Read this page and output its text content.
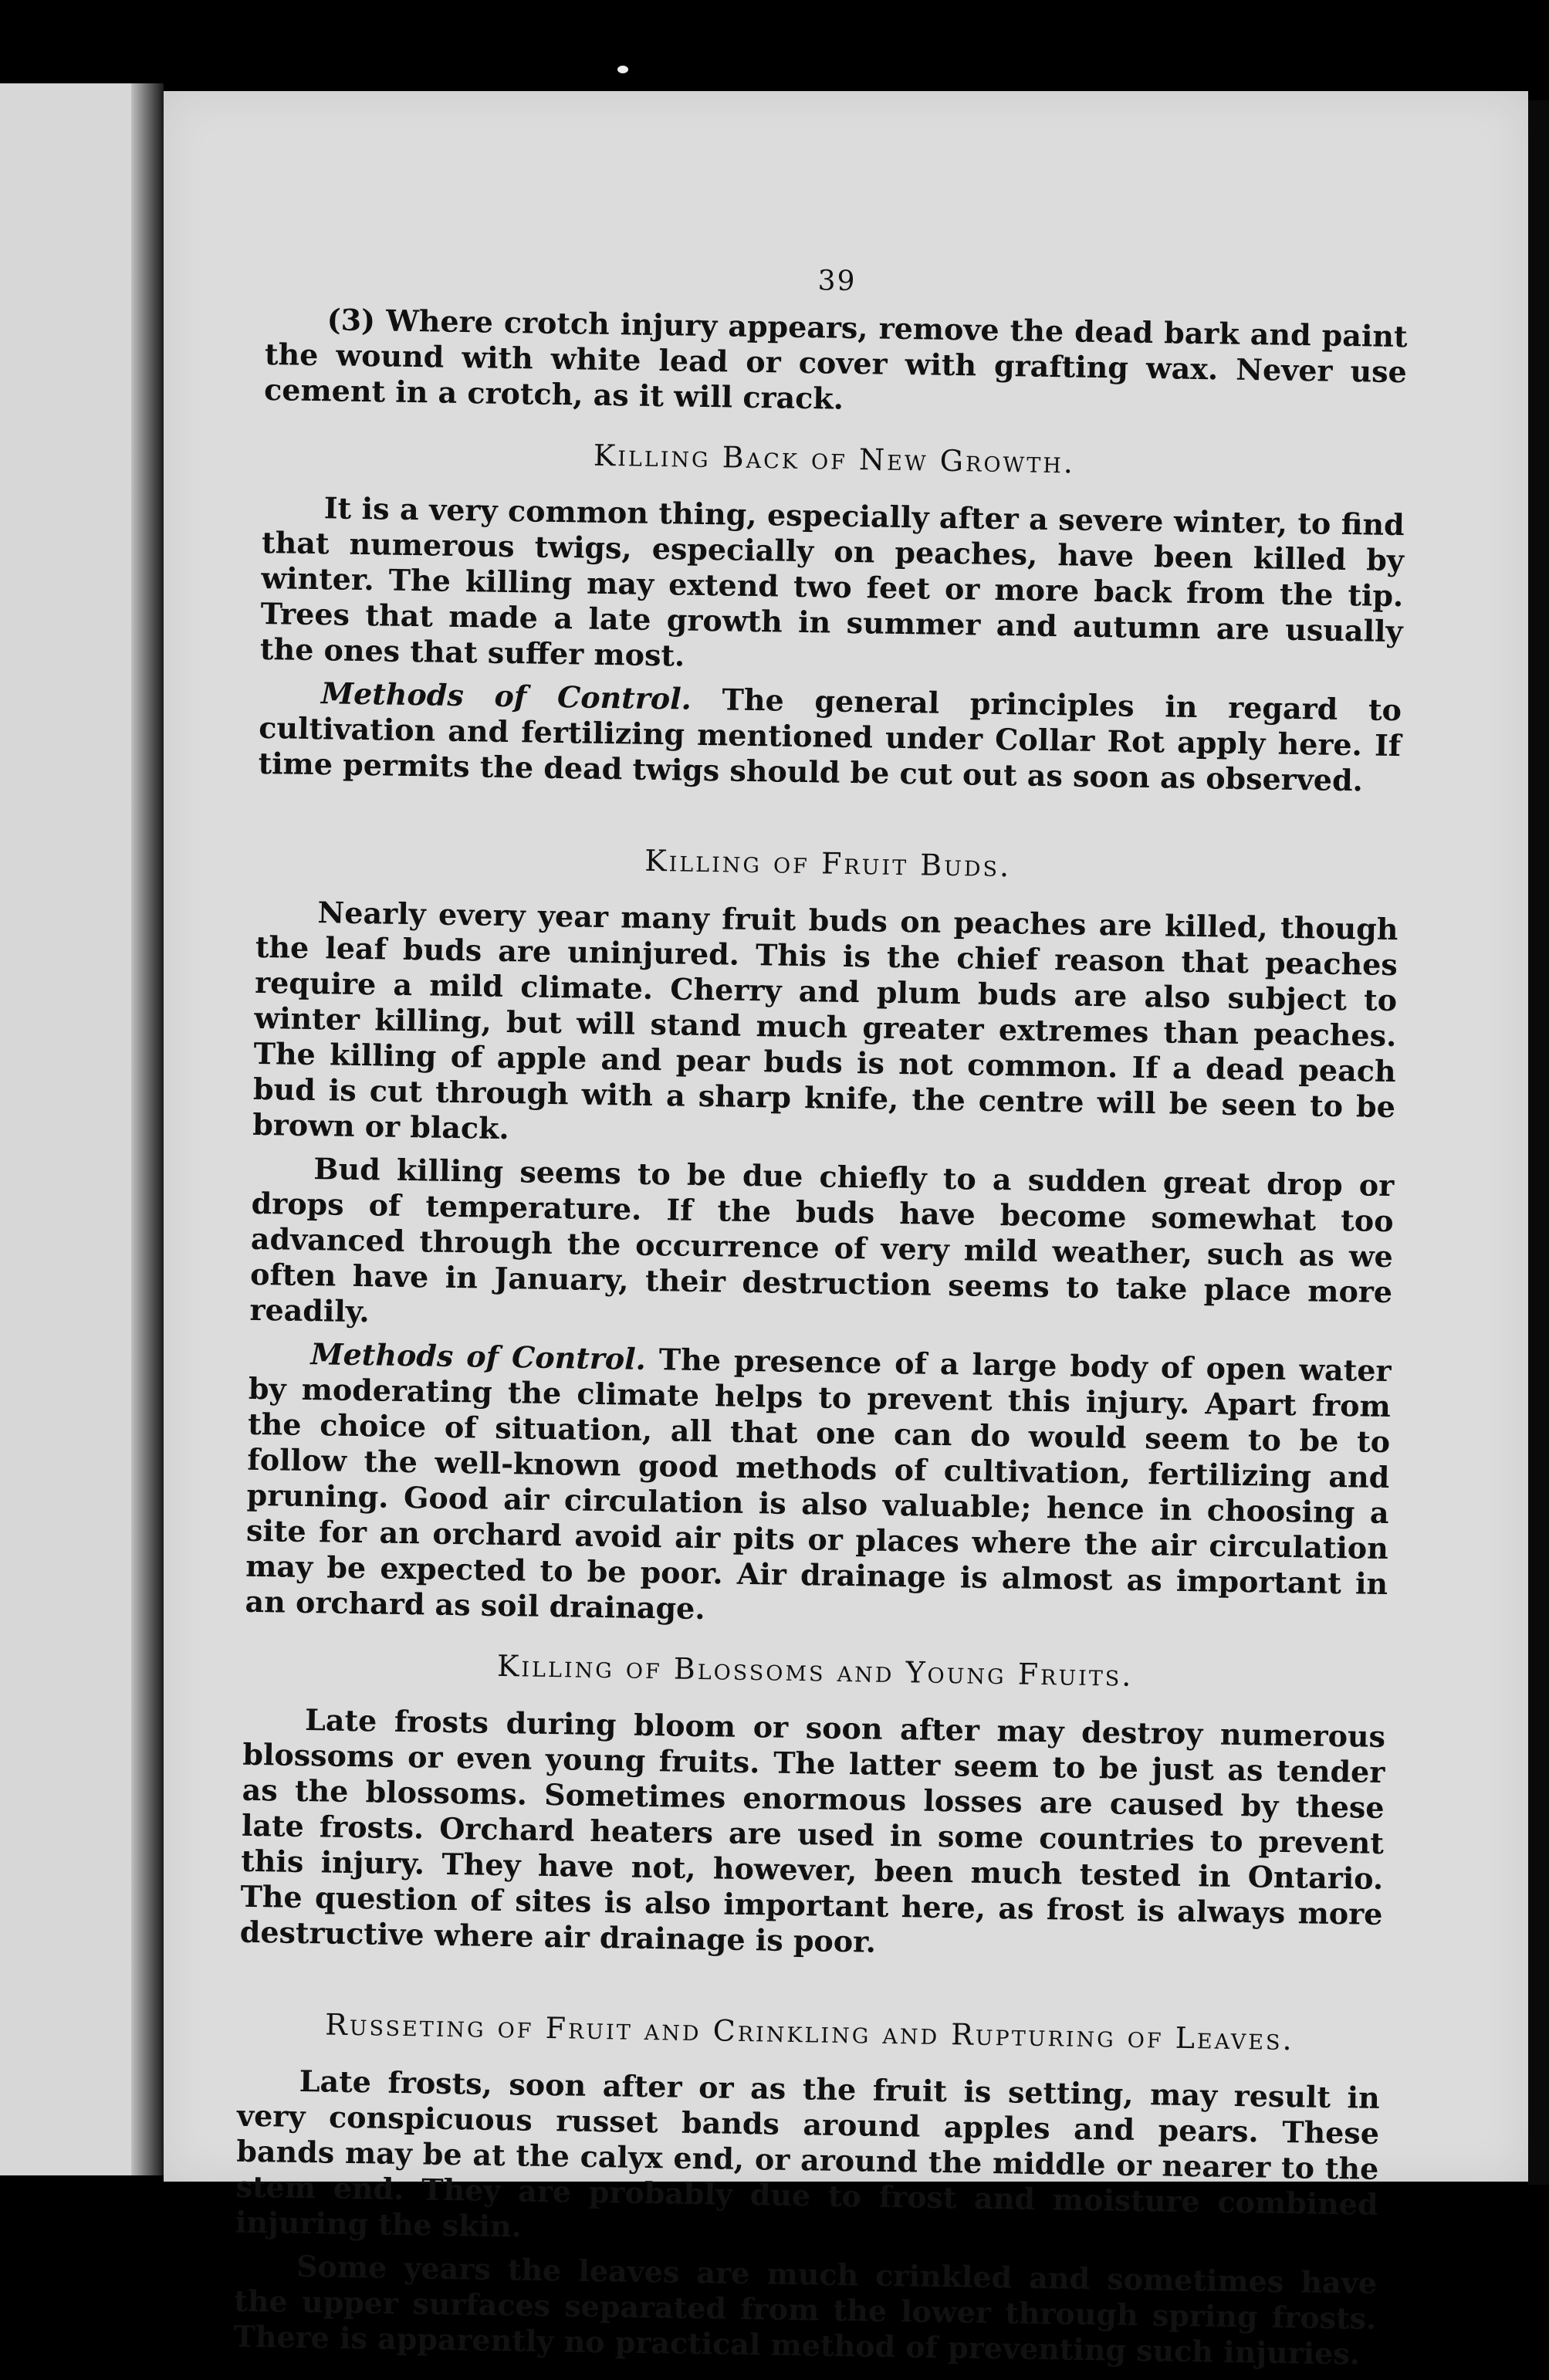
39

(3) Where crotch injury appears, remove the dead bark and paint the wound with white lead or cover with grafting wax. Never use cement in a crotch, as it will crack.

Killing Back of New Growth.

It is a very common thing, especially after a severe winter, to find that numerous twigs, especially on peaches, have been killed by winter. The killing may extend two feet or more back from the tip. Trees that made a late growth in summer and autumn are usually the ones that suffer most.

Methods of Control. The general principles in regard to cultivation and fertilizing mentioned under Collar Rot apply here. If time permits the dead twigs should be cut out as soon as observed.

Killing of Fruit Buds.

Nearly every year many fruit buds on peaches are killed, though the leaf buds are uninjured. This is the chief reason that peaches require a mild climate. Cherry and plum buds are also subject to winter killing, but will stand much greater extremes than peaches. The killing of apple and pear buds is not common. If a dead peach bud is cut through with a sharp knife, the centre will be seen to be brown or black.

Bud killing seems to be due chiefly to a sudden great drop or drops of temperature. If the buds have become somewhat too advanced through the occurrence of very mild weather, such as we often have in January, their destruction seems to take place more readily.

Methods of Control. The presence of a large body of open water by moderating the climate helps to prevent this injury. Apart from the choice of situation, all that one can do would seem to be to follow the well-known good methods of cultivation, fertilizing and pruning. Good air circulation is also valuable; hence in choosing a site for an orchard avoid air pits or places where the air circulation may be expected to be poor. Air drainage is almost as important in an orchard as soil drainage.

Killing of Blossoms and Young Fruits.

Late frosts during bloom or soon after may destroy numerous blossoms or even young fruits. The latter seem to be just as tender as the blossoms. Sometimes enormous losses are caused by these late frosts. Orchard heaters are used in some countries to prevent this injury. They have not, however, been much tested in Ontario. The question of sites is also important here, as frost is always more destructive where air drainage is poor.

Russeting of Fruit and Crinkling and Rupturing of Leaves.

Late frosts, soon after or as the fruit is setting, may result in very conspicuous russet bands around apples and pears. These bands may be at the calyx end, or around the middle or nearer to the stem end. They are probably due to frost and moisture combined injuring the skin.

Some years the leaves are much crinkled and sometimes have the upper surfaces separated from the lower through spring frosts. There is apparently no practical method of preventing such injuries.
